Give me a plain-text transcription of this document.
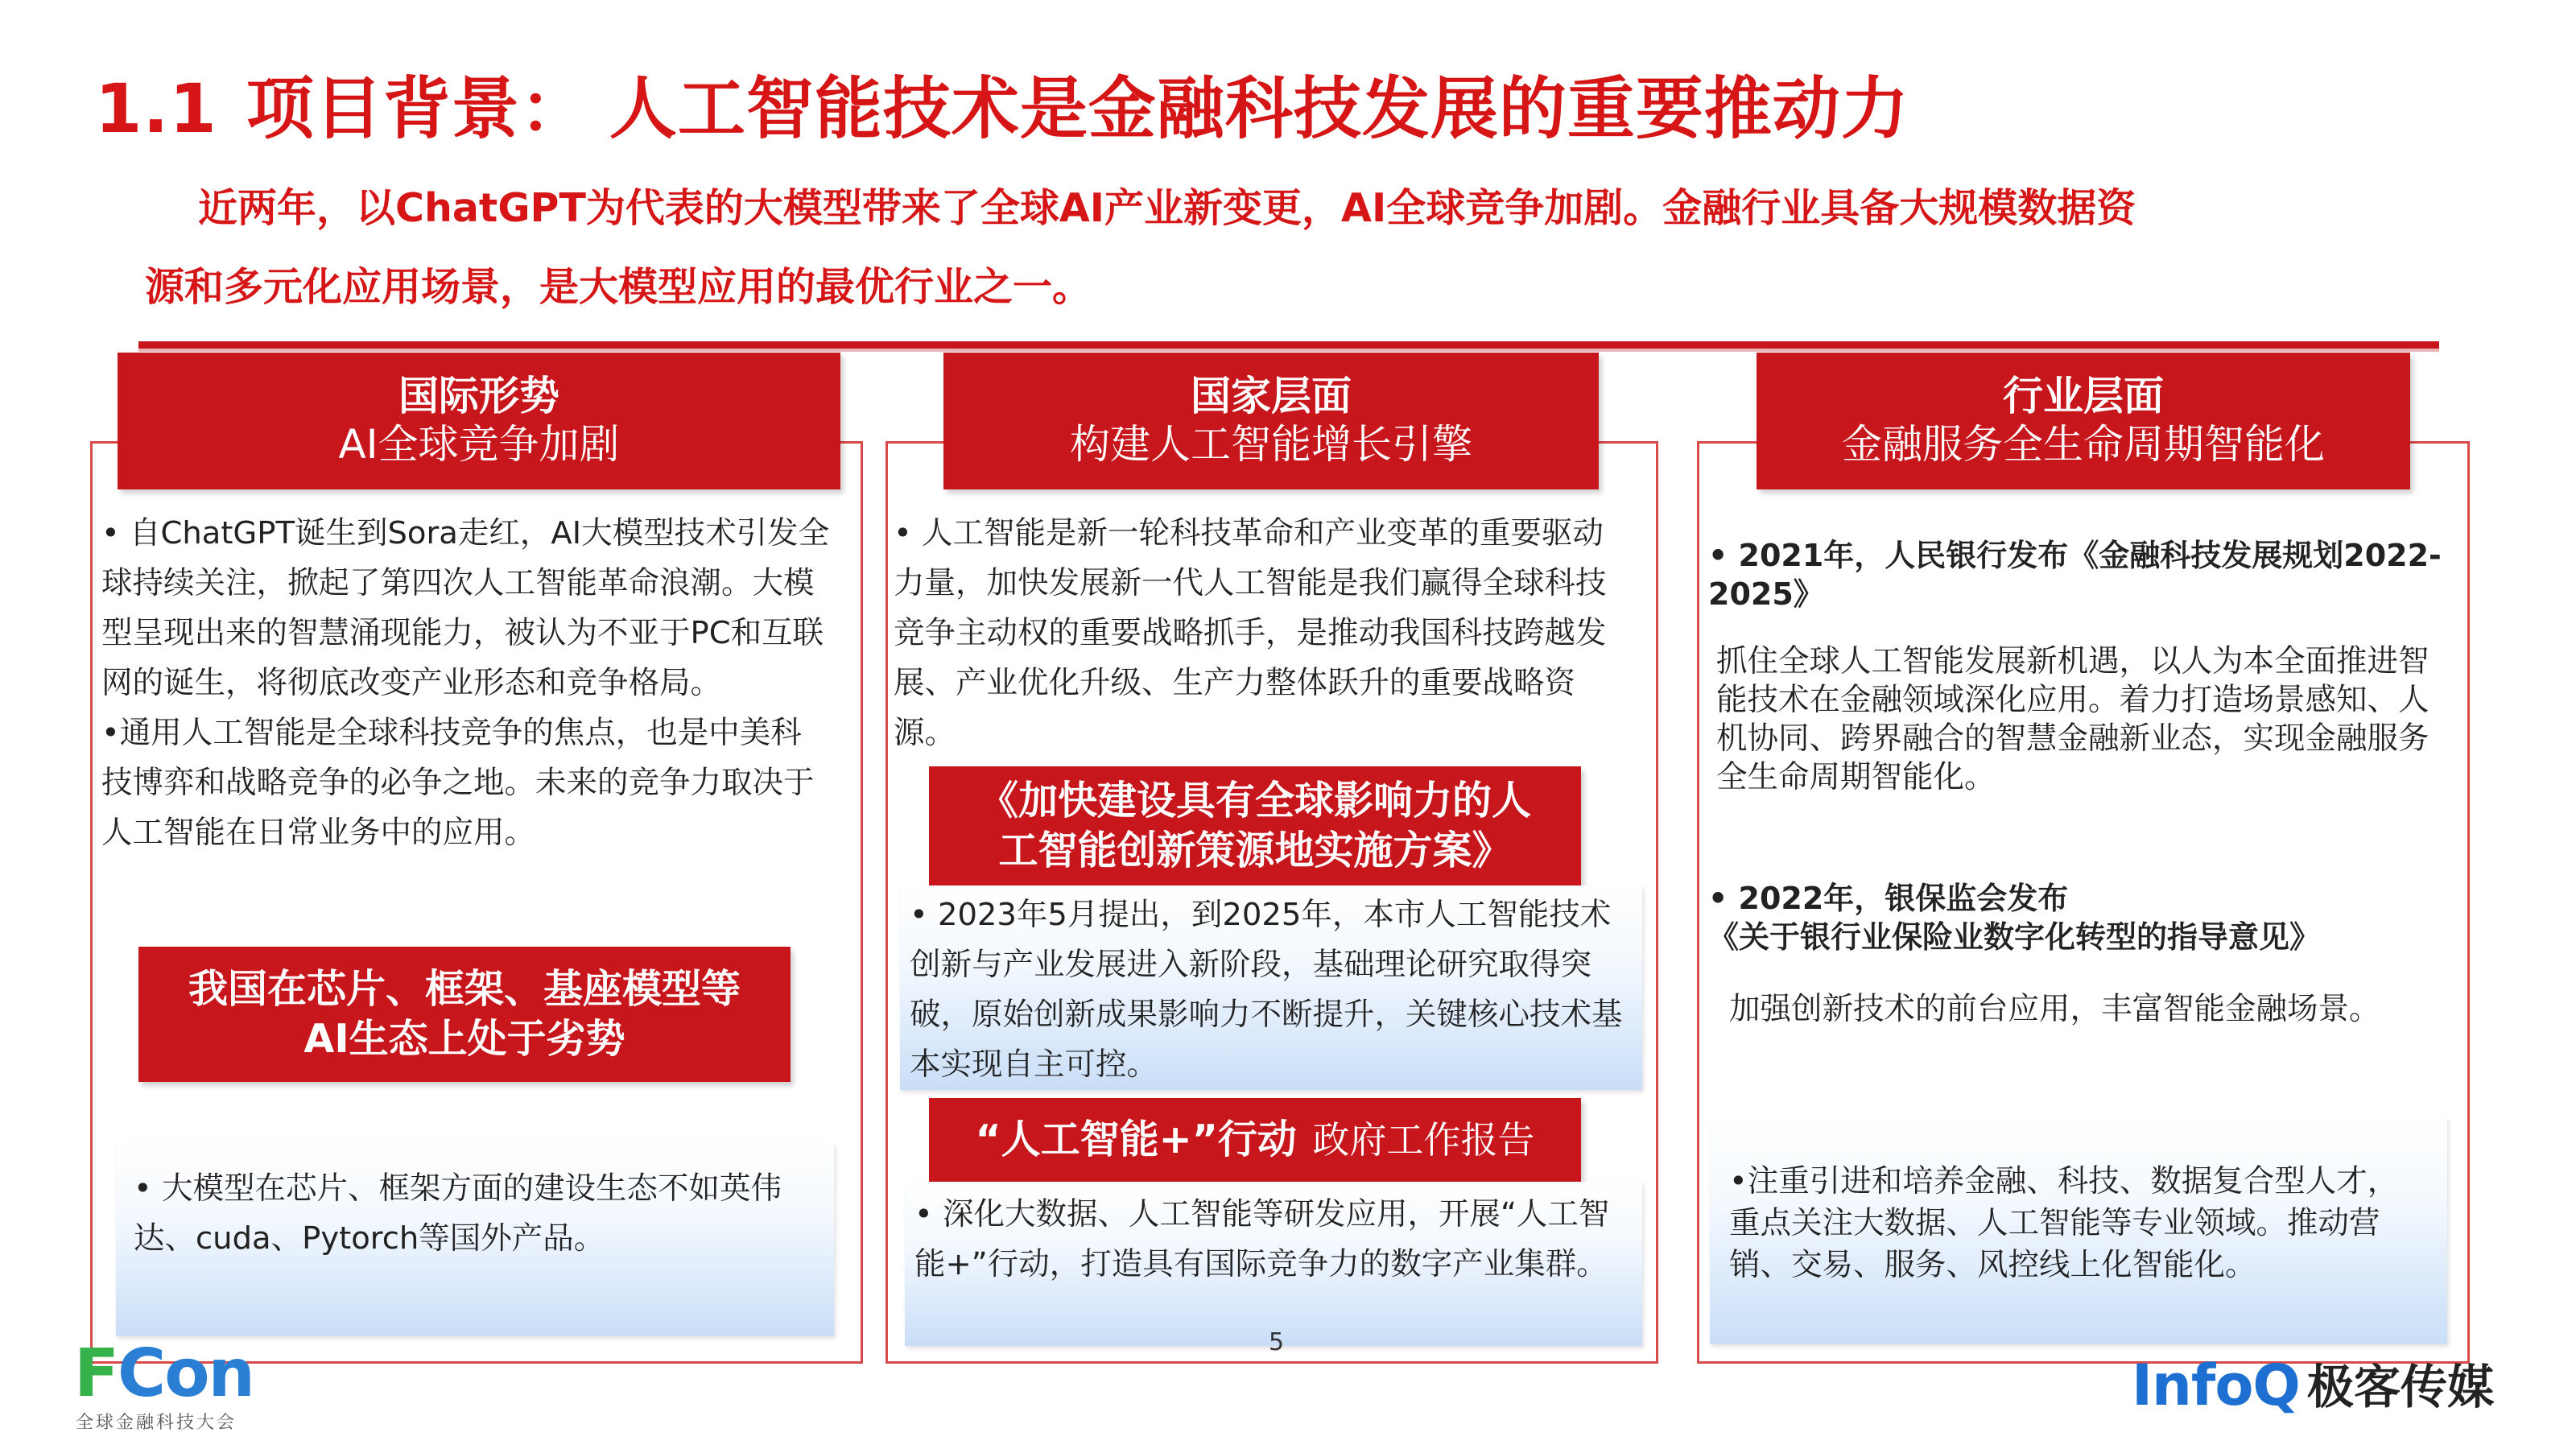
1.1 项目背景： 人工智能技术是金融科技发展的重要推动力
近两年，以ChatGPT为代表的大模型带来了全球AI产业新变更，AI全球竞争加剧。金融行业具备大规模数据资
源和多元化应用场景，是大模型应用的最优行业之一。
国际形势
AI全球竞争加剧
国家层面
构建人工智能增长引擎
行业层面
金融服务全生命周期智能化
• 自ChatGPT诞生到Sora走红，AI大模型技术引发全球持续关注，掀起了第四次人工智能革命浪潮。大模型呈现出来的智慧涌现能力，被认为不亚于PC和互联网的诞生，将彻底改变产业形态和竞争格局。
•通用人工智能是全球科技竞争的焦点，也是中美科技博弈和战略竞争的必争之地。未来的竞争力取决于人工智能在日常业务中的应用。
我国在芯片、框架、基座模型等
AI生态上处于劣势
• 大模型在芯片、框架方面的建设生态不如英伟达、cuda、Pytorch等国外产品。
• 人工智能是新一轮科技革命和产业变革的重要驱动力量，加快发展新一代人工智能是我们赢得全球科技竞争主动权的重要战略抓手，是推动我国科技跨越发展、产业优化升级、生产力整体跃升的重要战略资源。
《加快建设具有全球影响力的人
工智能创新策源地实施方案》
• 2023年5月提出，到2025年，本市人工智能技术创新与产业发展进入新阶段，基础理论研究取得突破，原始创新成果影响力不断提升，关键核心技术基本实现自主可控。
“人工智能+”行动 政府工作报告
• 深化大数据、人工智能等研发应用，开展“人工智能+”行动，打造具有国际竞争力的数字产业集群。
• 2021年，人民银行发布《金融科技发展规划2022-2025》
抓住全球人工智能发展新机遇，以人为本全面推进智能技术在金融领域深化应用。着力打造场景感知、人机协同、跨界融合的智慧金融新业态，实现金融服务全生命周期智能化。
• 2022年，银保监会发布
《关于银行业保险业数字化转型的指导意见》
加强创新技术的前台应用，丰富智能金融场景。
•注重引进和培养金融、科技、数据复合型人才，重点关注大数据、人工智能等专业领域。推动营销、交易、服务、风控线上化智能化。
5
FCon
全球金融科技大会
InfoQ 极客传媒
